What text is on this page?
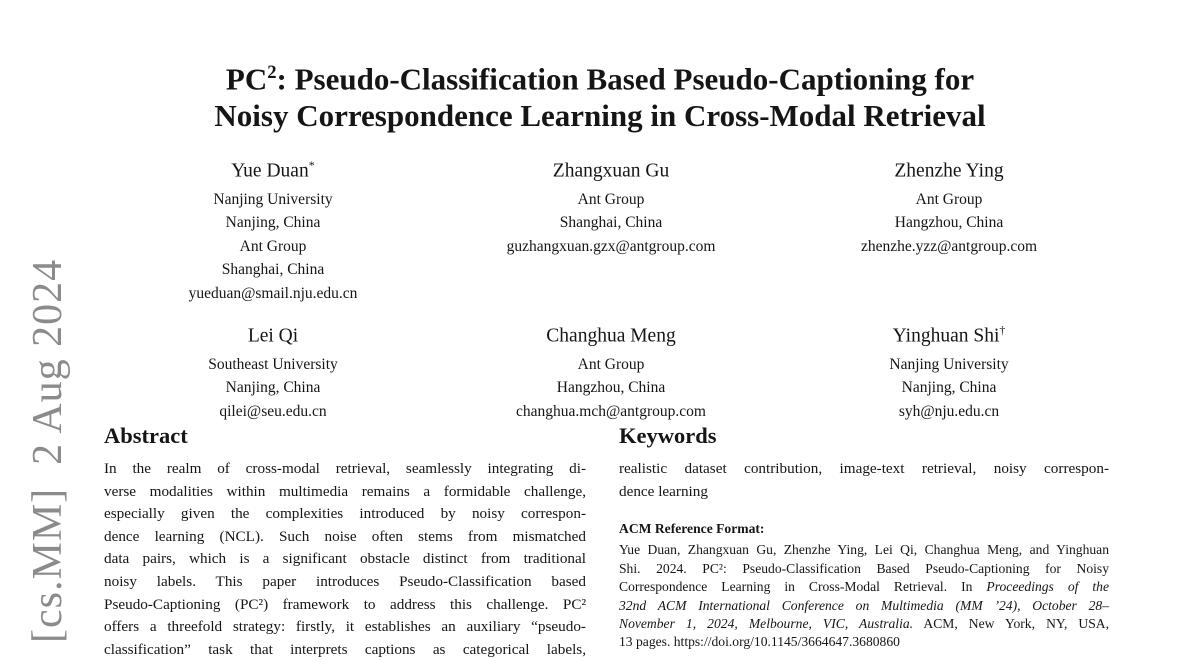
[cs.MM]  2 Aug 2024
$PC^2$: Pseudo-Classification Based Pseudo-Captioning for
Noisy Correspondence Learning in Cross-Modal Retrieval
Yue Duan*
Nanjing University
Nanjing, China
Ant Group
Shanghai, China
yueduan@smail.nju.edu.cn
Zhangxuan Gu
Ant Group
Shanghai, China
guzhangxuan.gzx@antgroup.com
Zhenzhe Ying
Ant Group
Hangzhou, China
zhenzhe.yzz@antgroup.com
Lei Qi
Southeast University
Nanjing, China
qilei@seu.edu.cn
Changhua Meng
Ant Group
Hangzhou, China
changhua.mch@antgroup.com
Yinghuan Shi†
Nanjing University
Nanjing, China
syh@nju.edu.cn
Abstract
In the realm of cross-modal retrieval, seamlessly integrating di-
verse modalities within multimedia remains a formidable challenge,
especially given the complexities introduced by noisy correspon-
dence learning (NCL). Such noise often stems from mismatched
data pairs, which is a significant obstacle distinct from traditional
noisy labels. This paper introduces Pseudo-Classification based
Pseudo-Captioning (PC²) framework to address this challenge. PC²
offers a threefold strategy: firstly, it establishes an auxiliary “pseudo-
classification” task that interprets captions as categorical labels,
Keywords
realistic dataset contribution, image-text retrieval, noisy correspon-
dence learning
ACM Reference Format:
Yue Duan, Zhangxuan Gu, Zhenzhe Ying, Lei Qi, Changhua Meng, and Yinghuan
Shi. 2024. PC²: Pseudo-Classification Based Pseudo-Captioning for Noisy
Correspondence Learning in Cross-Modal Retrieval. In Proceedings of the
32nd ACM International Conference on Multimedia (MM ’24), October 28–
November 1, 2024, Melbourne, VIC, Australia. ACM, New York, NY, USA,
13 pages. https://doi.org/10.1145/3664647.3680860
